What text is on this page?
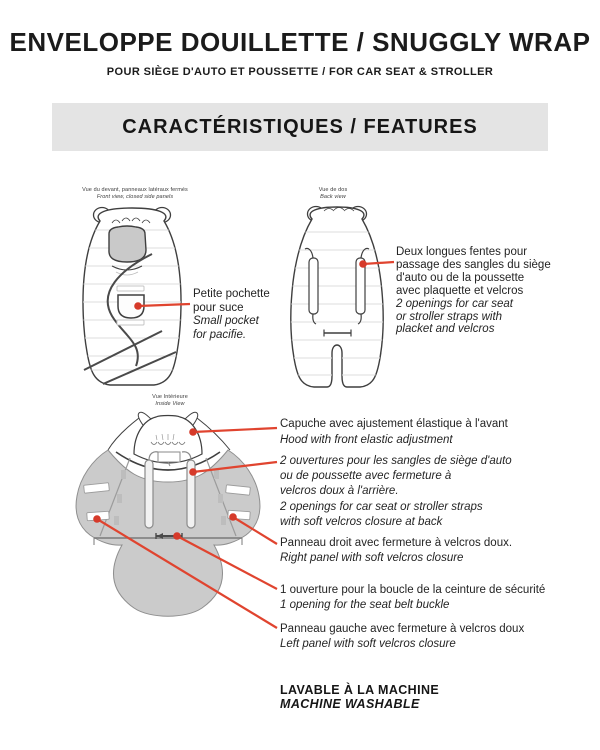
ENVELOPPE DOUILLETTE / SNUGGLY WRAP
POUR SIÈGE D'AUTO ET POUSSETTE / FOR CAR SEAT & STROLLER
CARACTÉRISTIQUES / FEATURES
Vue du devant, panneaux latéraux fermés
Front view, closed side panels
Vue de dos
Back view
Petite pochette
pour suce
Small pocket
for pacifie.
Deux longues fentes pour
passage des sangles du siège
d'auto ou de la poussette
avec plaquette et velcros
2 openings for car seat
or stroller straps with
placket and velcros
Vue Intérieure
Inside View
Capuche avec ajustement élastique à l'avant
Hood with front elastic adjustment
2 ouvertures pour les sangles de siège d'auto
ou de poussette avec fermeture à
velcros doux à l'arrière.
2 openings for car seat or stroller straps
with soft velcros closure at back
Panneau droit avec fermeture à velcros doux.
Right panel with soft velcros closure
1 ouverture pour la boucle de la ceinture de sécurité
1 opening for the seat belt buckle
Panneau gauche avec fermeture à velcros doux
Left panel with soft velcros closure
LAVABLE À LA MACHINE
MACHINE WASHABLE
